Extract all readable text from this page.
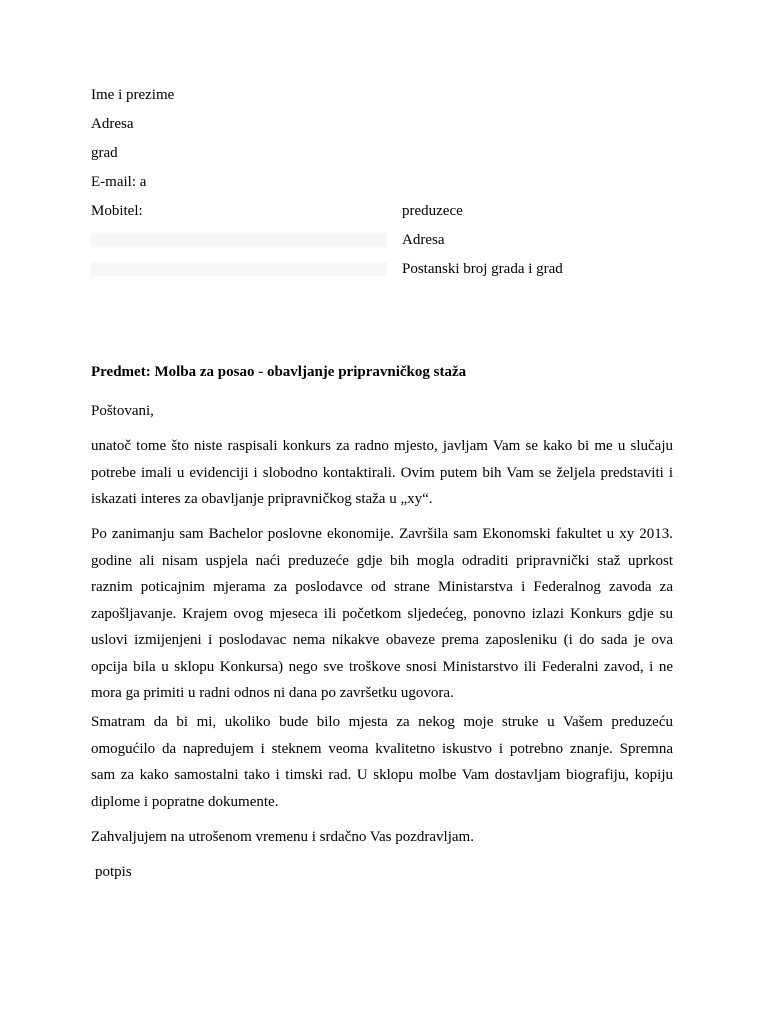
Ime i prezime
Adresa
grad
E-mail: a
Mobitel:	preduzece
Adresa
Postanski broj grada i grad
Predmet: Molba za posao - obavljanje pripravničkog staža
Poštovani,
unatoč tome što niste raspisali konkurs za radno mjesto, javljam Vam se kako bi me u slučaju
potrebe imali u evidenciji i slobodno kontaktirali. Ovim putem bih Vam se željela predstaviti i
iskazati interes za obavljanje pripravničkog staža u „xy“.
Po zanimanju sam Bachelor poslovne ekonomije. Završila sam Ekonomski fakultet u xy 2013.
godine ali nisam uspjela naći preduzeće gdje bih mogla odraditi pripravnički staž uprkost
raznim poticajnim mjerama za poslodavce od strane Ministarstva i Federalnog zavoda za
zapošljavanje. Krajem ovog mjeseca ili početkom sljedećeg, ponovno izlazi Konkurs gdje su
uslovi izmijenjeni i poslodavac nema nikakve obaveze prema zaposleniku (i do sada je ova
opcija bila u sklopu Konkursa) nego sve troškove snosi Ministarstvo ili Federalni zavod, i ne
mora ga primiti u radni odnos ni dana po završetku ugovora.
Smatram da bi mi, ukoliko bude bilo mjesta za nekog moje struke u Vašem preduzeću
omogućilo da napredujem i steknem veoma kvalitetno iskustvo i potrebno znanje. Spremna
sam za kako samostalni tako i timski rad. U sklopu molbe Vam dostavljam biografiju, kopiju
diplome i popratne dokumente.
Zahvaljujem na utrošenom vremenu i srdačno Vas pozdravljam.
potpis
